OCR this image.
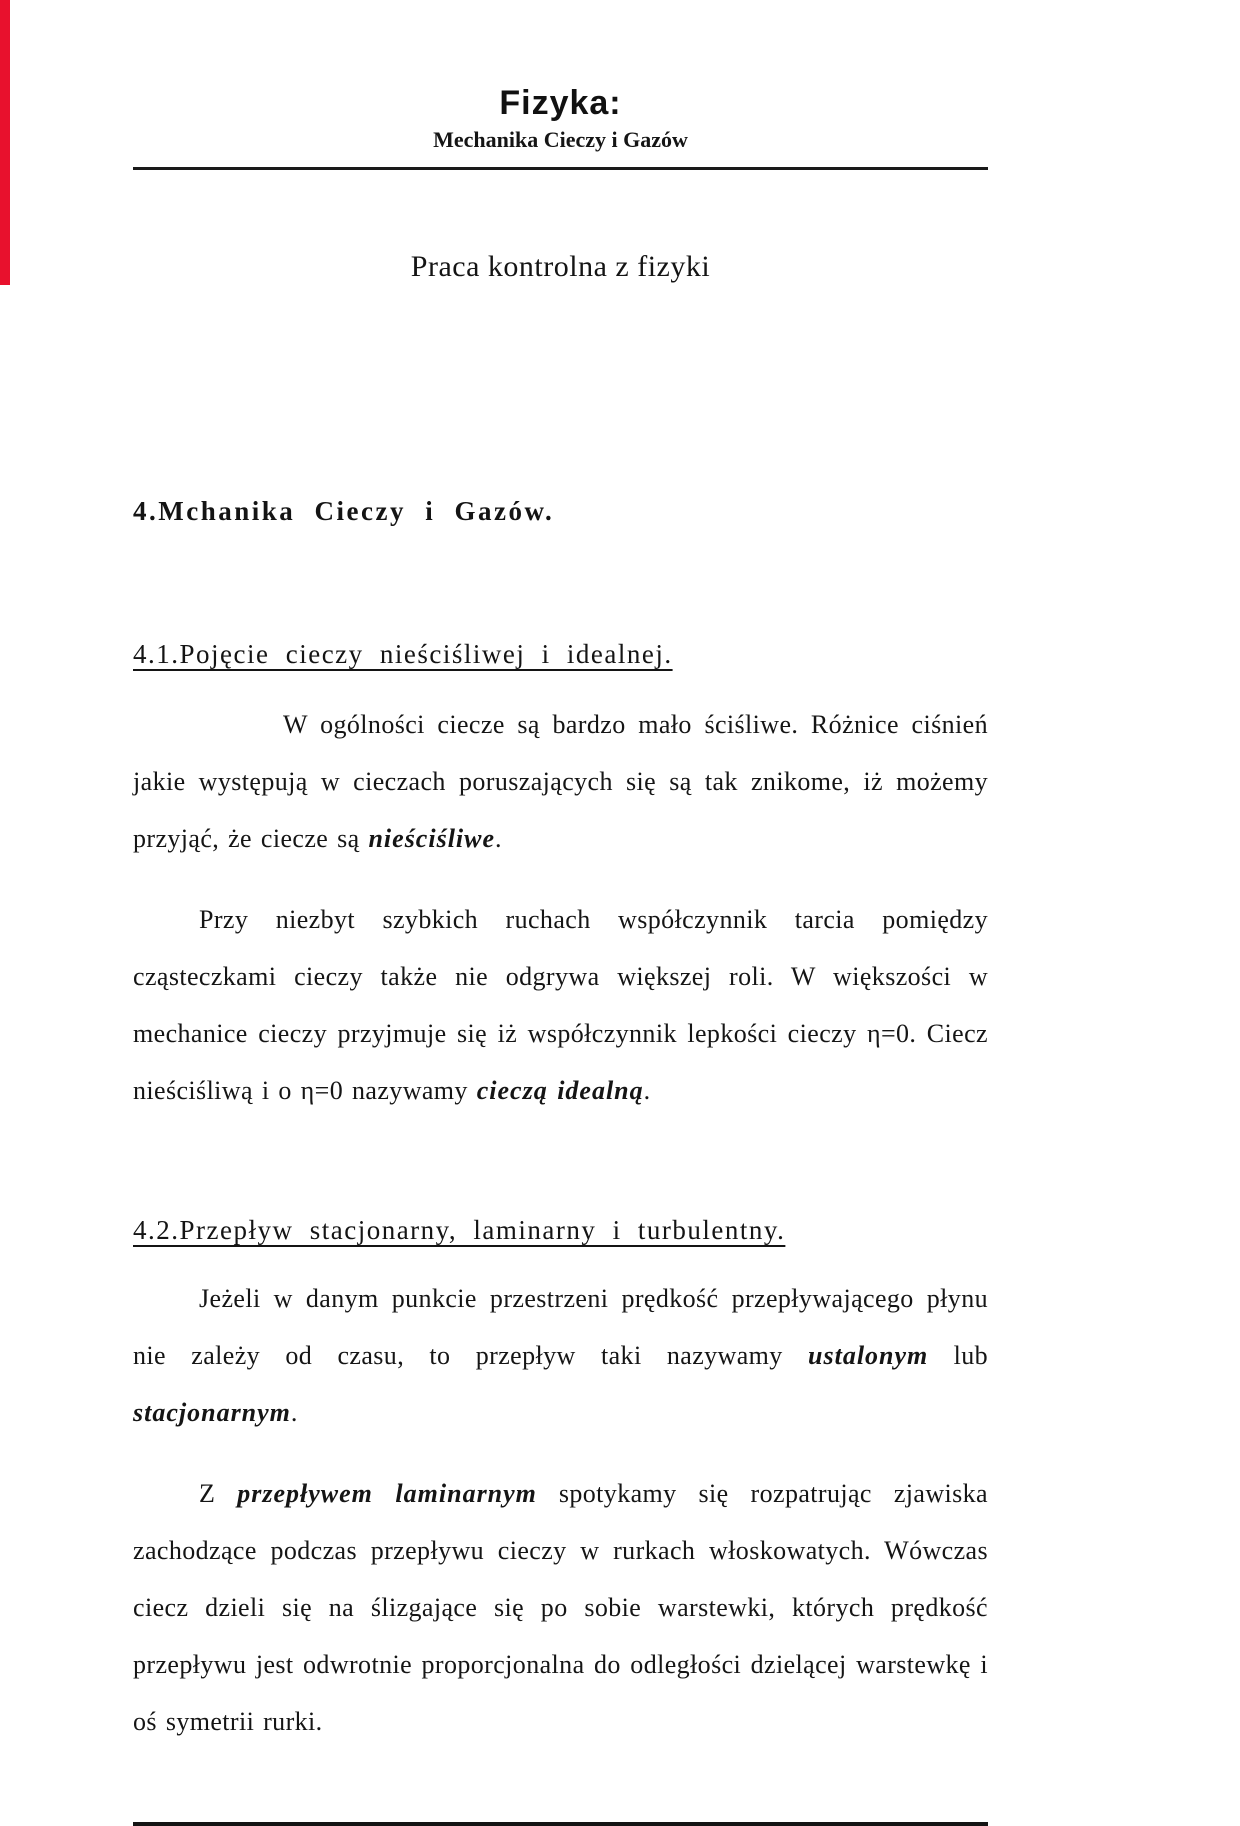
Fizyka:
Mechanika Cieczy i Gazów
Praca kontrolna z fizyki
4.Mchanika Cieczy i Gazów.
4.1.Pojęcie cieczy nieściśliwej i idealnej.

W ogólności ciecze są bardzo mało ściśliwe. Różnice ciśnień jakie występują w cieczach poruszających się są tak znikome, iż możemy przyjąć, że ciecze są nieściśliwe.

Przy niezbyt szybkich ruchach współczynnik tarcia pomiędzy cząsteczkami cieczy także nie odgrywa większej roli. W większości w mechanice cieczy przyjmuje się iż współczynnik lepkości cieczy η=0. Ciecz nieściśliwą i o η=0 nazywamy cieczą idealną.

4.2.Przepływ stacjonarny, laminarny i turbulentny.

Jeżeli w danym punkcie przestrzeni prędkość przepływającego płynu nie zależy od czasu, to przepływ taki nazywamy ustalonym lub stacjonarnym.

Z przepływem laminarnym spotykamy się rozpatrując zjawiska zachodzące podczas przepływu cieczy w rurkach włoskowatych. Wówczas ciecz dzieli się na ślizgające się po sobie warstewki, których prędkość przepływu jest odwrotnie proporcjonalna do odległości dzielącej warstewkę i oś symetrii rurki.
